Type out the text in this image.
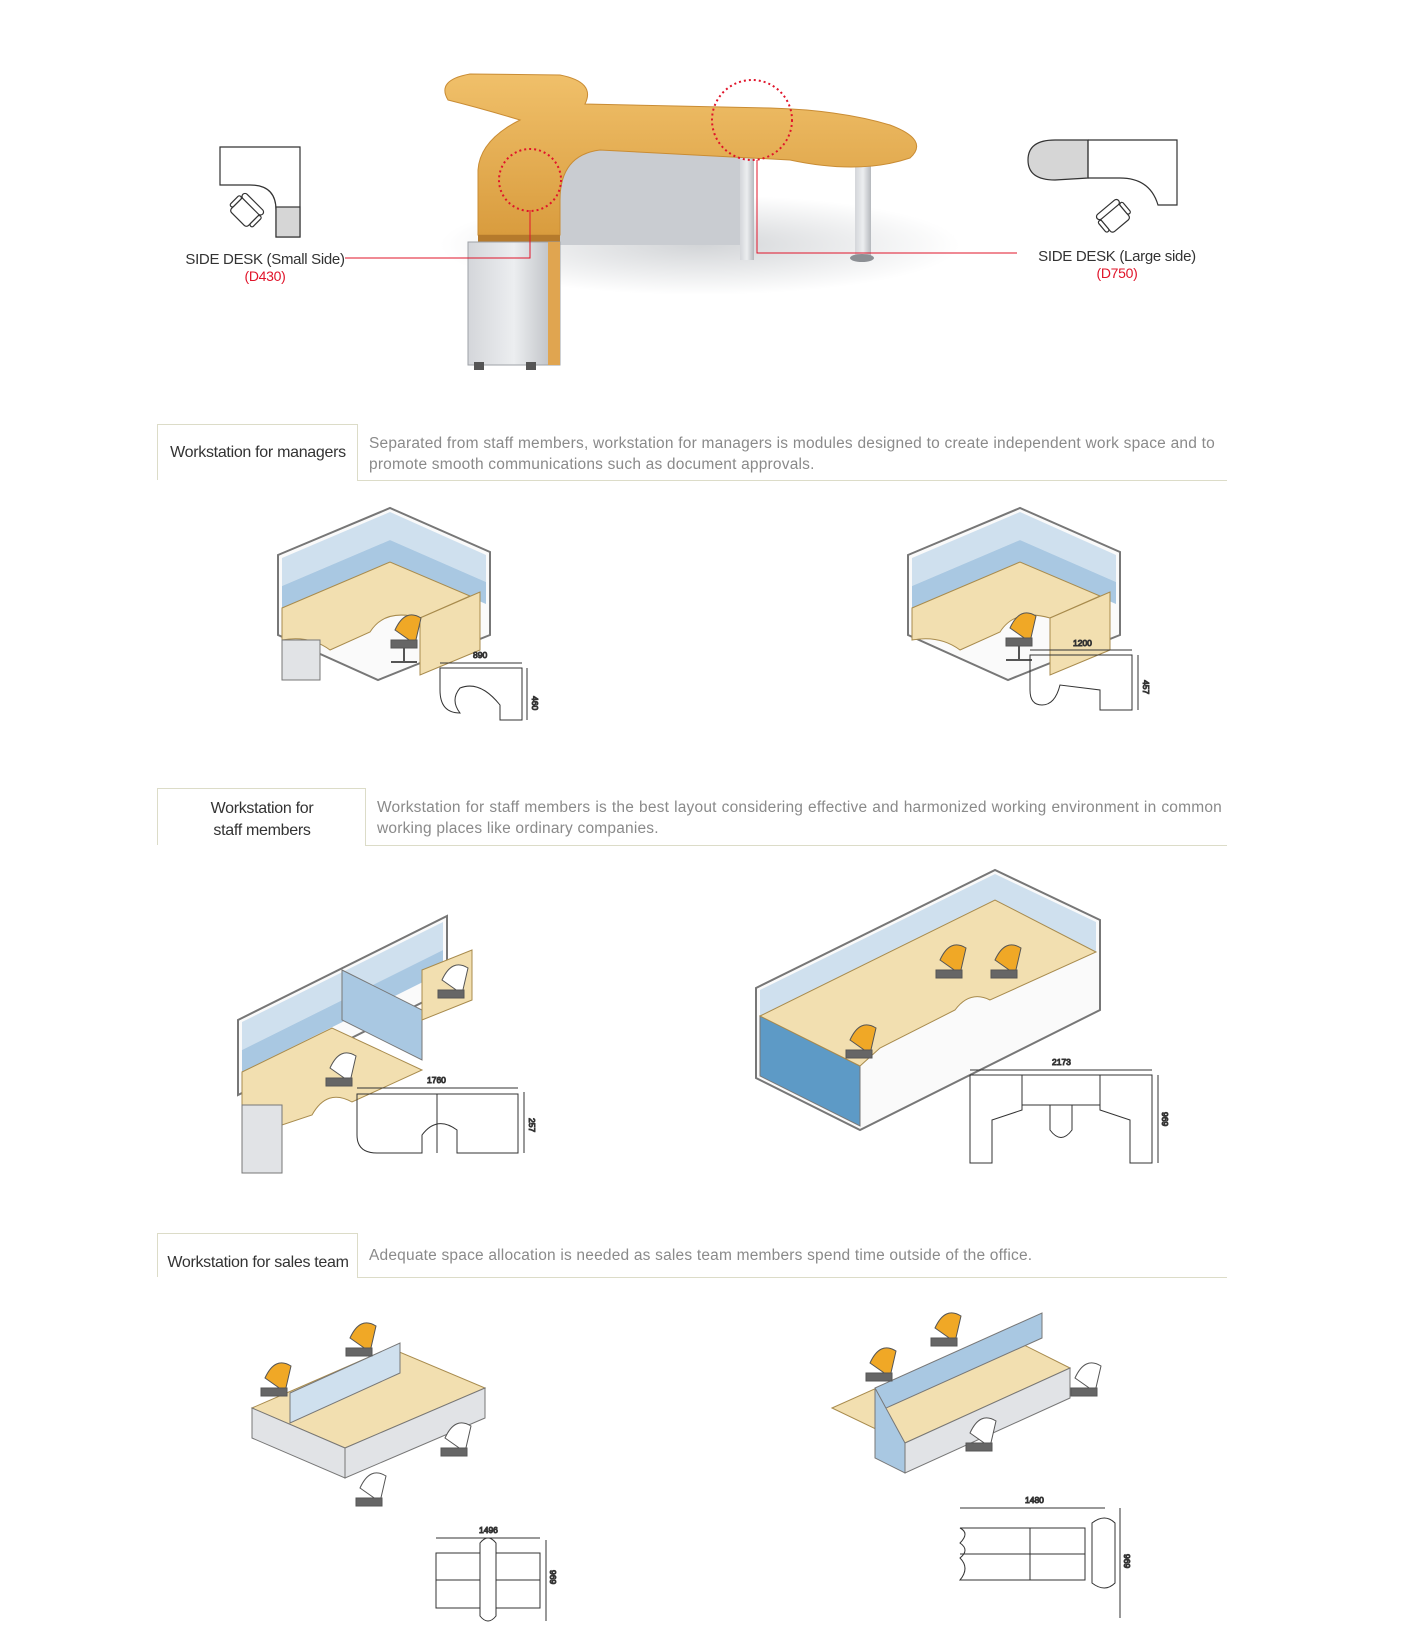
SIDE DESK (Small Side)
(D430)
SIDE DESK (Large side)
(D750)
Workstation for managers
Separated from staff members, workstation for managers is modules designed to create independent work space and to promote smooth communications such as document approvals.
890
460
1200
457
Workstation for
staff members
Workstation for staff members is the best layout considering effective and harmonized working environment in common working places like ordinary companies.
1760
257
2173
969
Workstation for sales team	Adequate space allocation is needed as sales team members spend time outside of the office.
1496
969
1480
969
